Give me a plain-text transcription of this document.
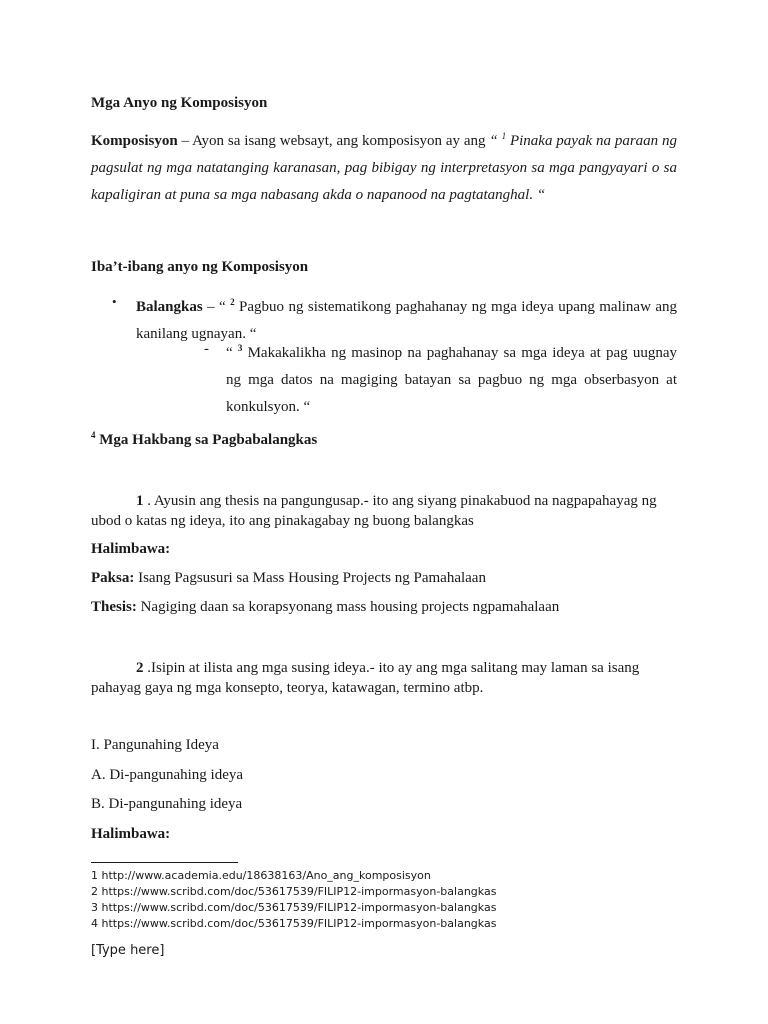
Mga Anyo ng Komposisyon
Komposisyon – Ayon sa isang websayt, ang komposisyon ay ang “ $^1$ Pinaka payak na paraan ng pagsulat ng mga natatanging karanasan, pag bibigay ng interpretasyon sa mga pangyayari o sa kapaligiran at puna sa mga nabasang akda o napanood na pagtatanghal. “
Iba’t-ibang anyo ng Komposisyon
• Balangkas – “ $^2$ Pagbuo ng sistematikong paghahanay ng mga ideya upang malinaw ang kanilang ugnayan. “
- “ $^3$ Makakalikha ng masinop na paghahanay sa mga ideya at pag uugnay ng mga datos na magiging batayan sa pagbuo ng mga obserbasyon at konkulsyon. “
$^4$ Mga Hakbang sa Pagbabalangkas
1 . Ayusin ang thesis na pangungusap.- ito ang siyang pinakabuod na nagpapahayag ng ubod o katas ng ideya, ito ang pinakagabay ng buong balangkas
Halimbawa:
Paksa: Isang Pagsusuri sa Mass Housing Projects ng Pamahalaan
Thesis: Nagiging daan sa korapsyonang mass housing projects ngpamahalaan
2 .Isipin at ilista ang mga susing ideya.- ito ay ang mga salitang may laman sa isang pahayag gaya ng mga konsepto, teorya, katawagan, termino atbp.
I. Pangunahing Ideya
A. Di-pangunahing ideya
B. Di-pangunahing ideya
Halimbawa:
1 http://www.academia.edu/18638163/Ano_ang_komposisyon
2 https://www.scribd.com/doc/53617539/FILIP12-impormasyon-balangkas
3 https://www.scribd.com/doc/53617539/FILIP12-impormasyon-balangkas
4 https://www.scribd.com/doc/53617539/FILIP12-impormasyon-balangkas
[Type here]
